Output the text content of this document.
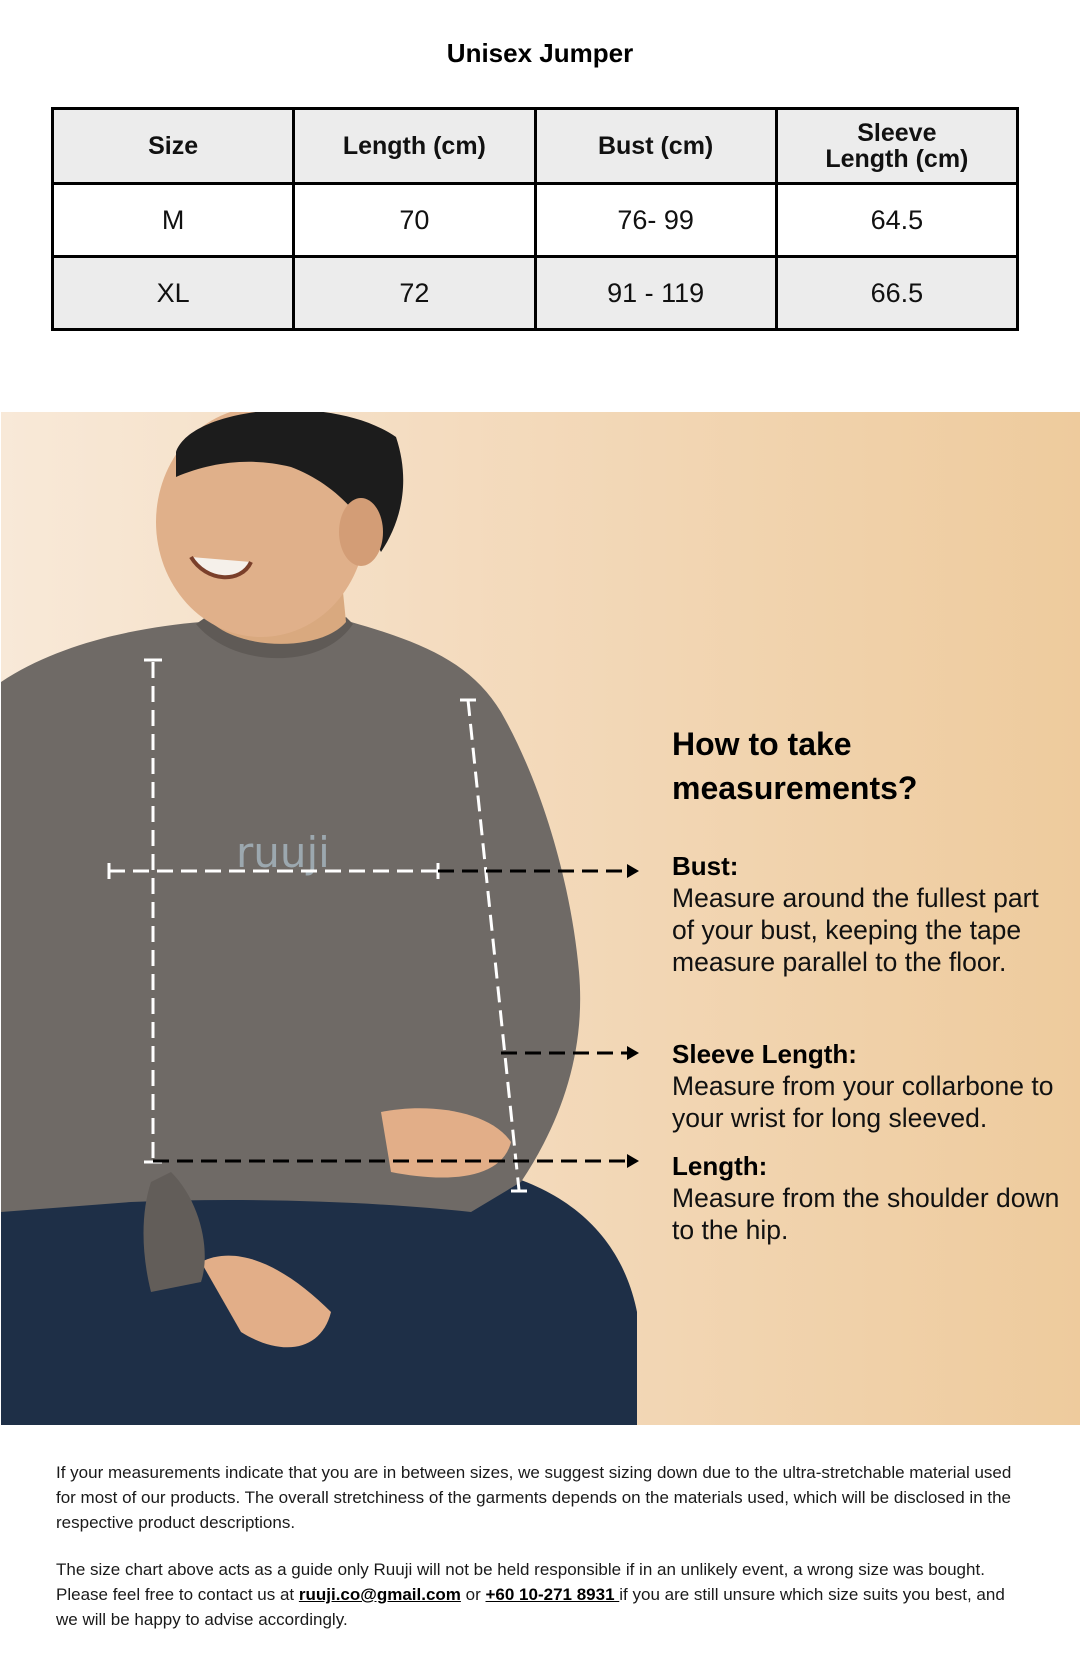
Unisex Jumper
Size	Length (cm)	Bust (cm)	Sleeve Length (cm)
M	70	76- 99	64.5
XL	72	91 - 119	66.5
ruuji
How to take measurements?
Bust:
Measure around the fullest part of your bust, keeping the tape measure parallel to the floor.
Sleeve Length:
Measure from your collarbone to your wrist for long sleeved.
Length:
Measure from the shoulder down to the hip.

If your measurements indicate that you are in between sizes, we suggest sizing down due to the ultra-stretchable material used for most of our products. The overall stretchiness of the garments depends on the materials used, which will be disclosed in the respective product descriptions.

The size chart above acts as a guide only Ruuji will not be held responsible if in an unlikely event, a wrong size was bought. Please feel free to contact us at ruuji.co@gmail.com or +60 10-271 8931 if you are still unsure which size suits you best, and we will be happy to advise accordingly.
